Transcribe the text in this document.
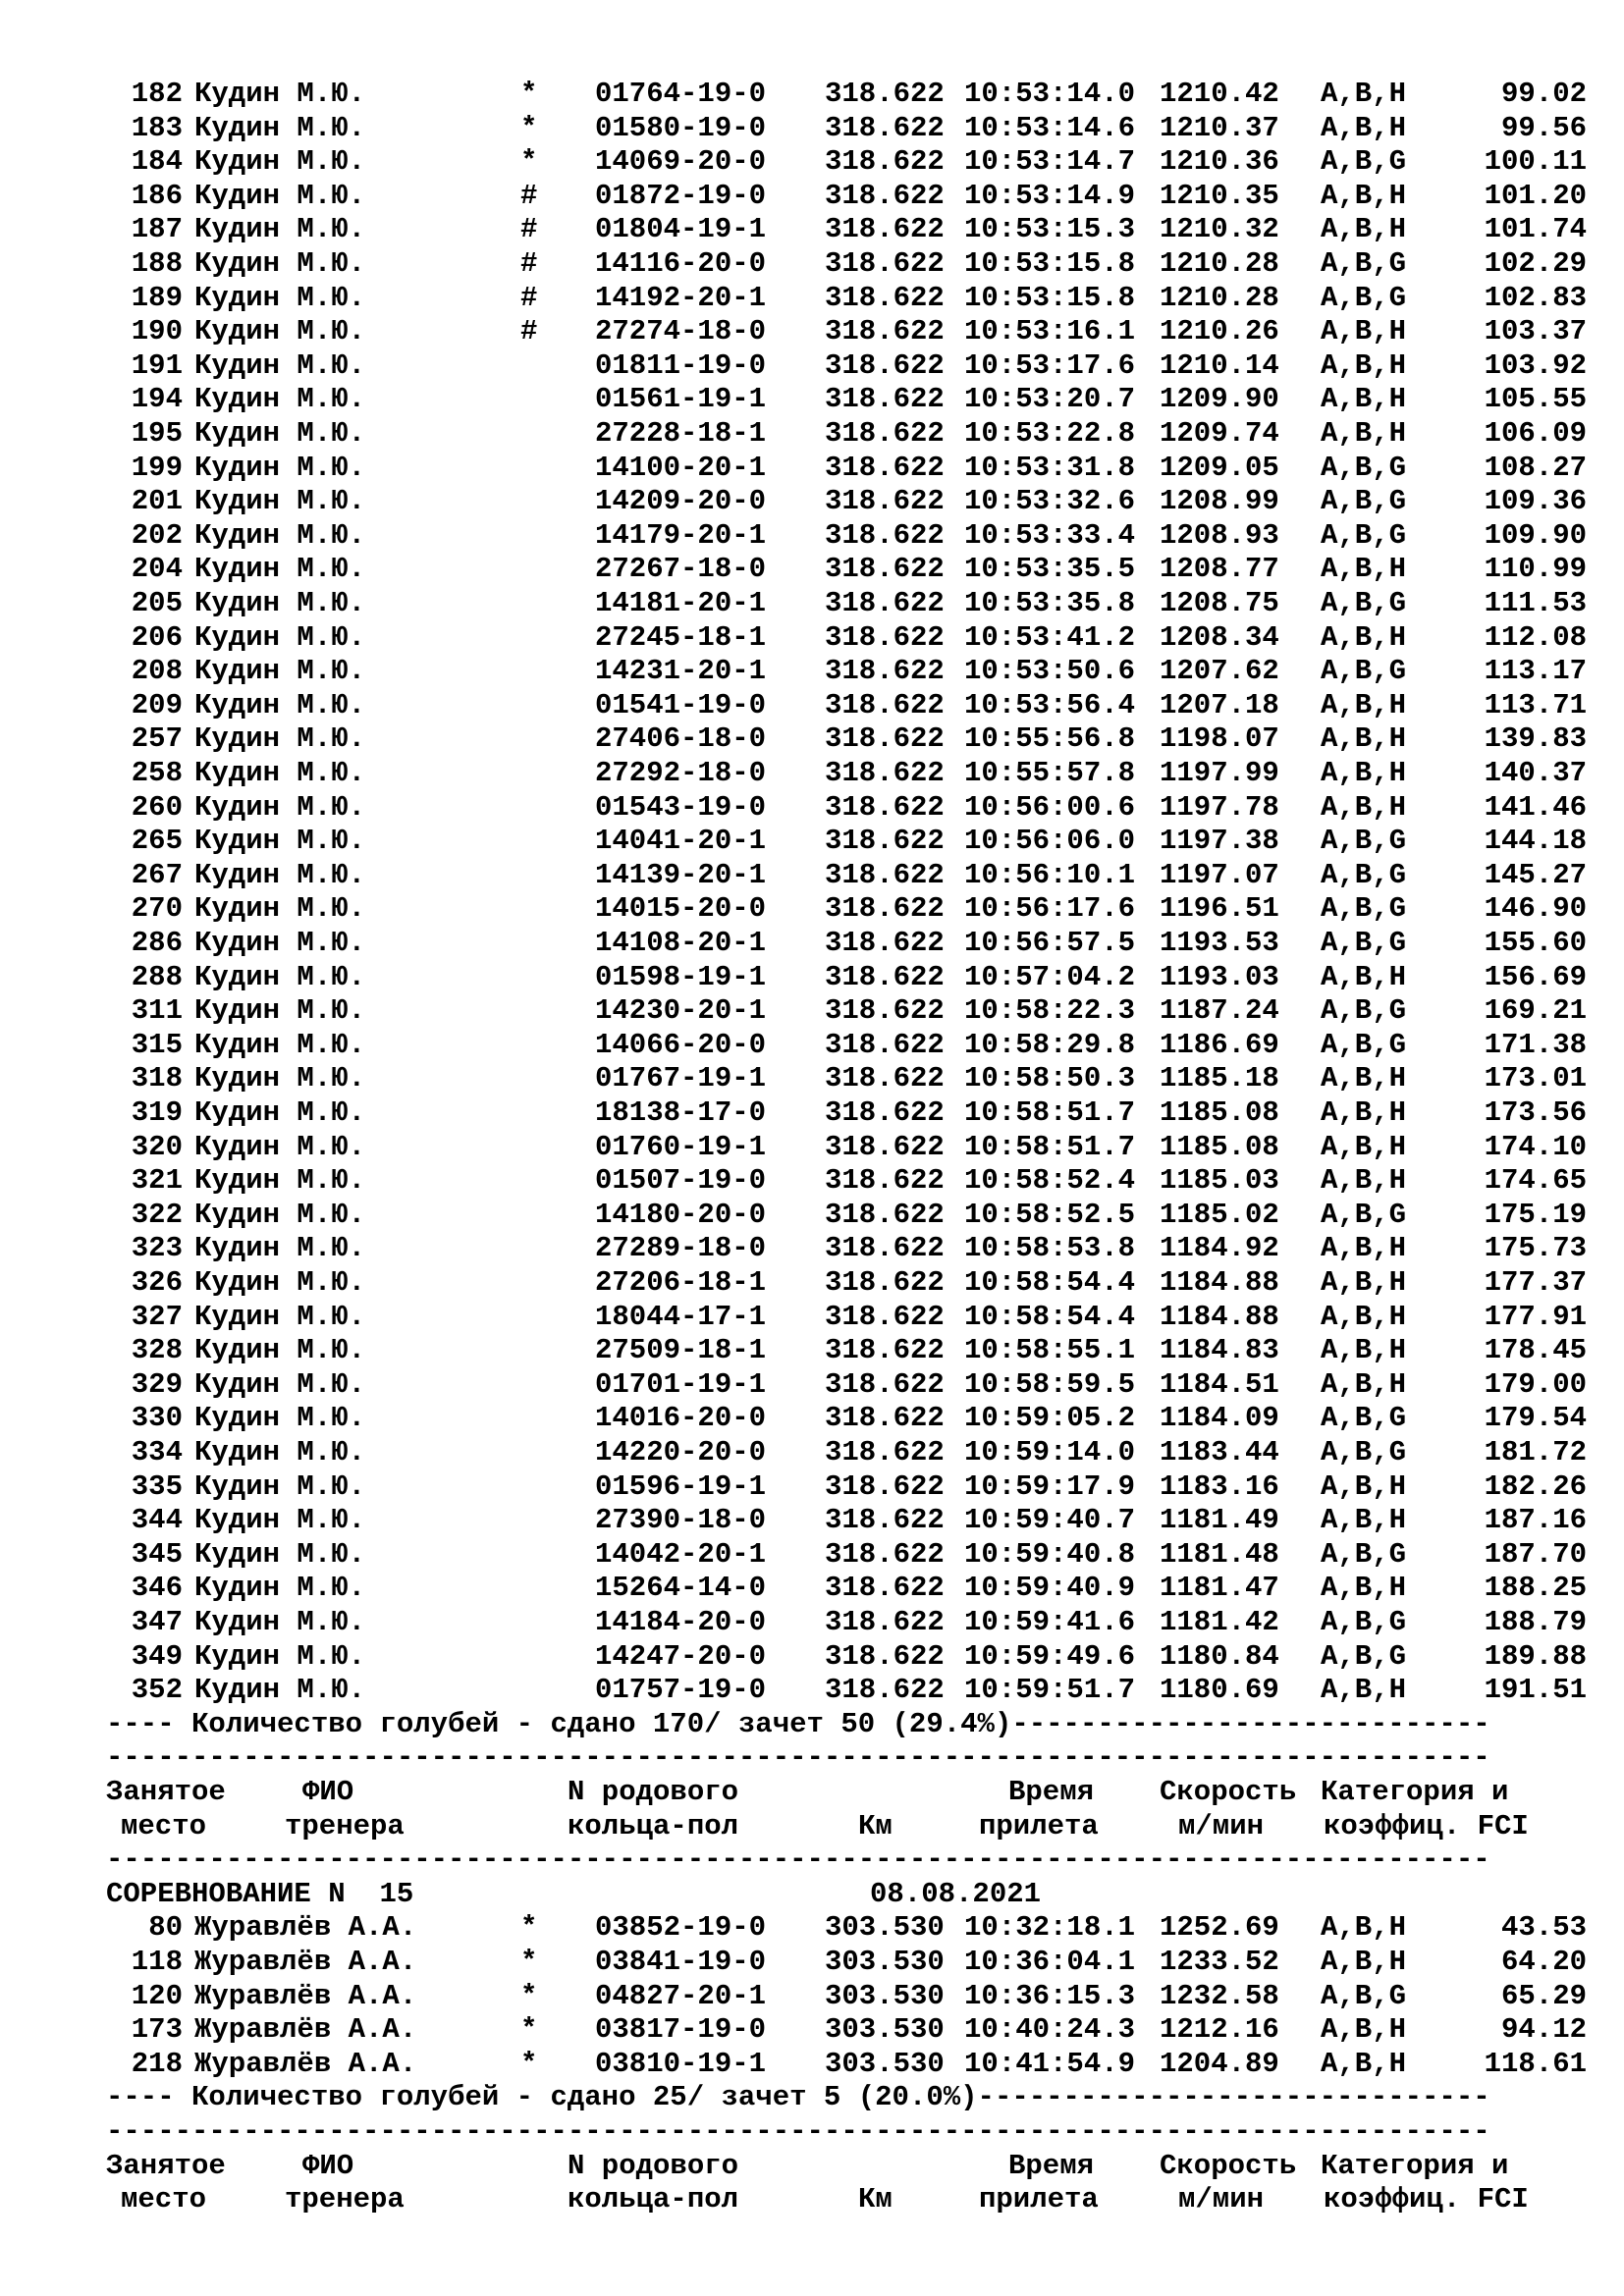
182 Кудин М.Ю.	* 01764-19-0 318.622 10:53:14.0 1210.42 A,B,H	99.02
183 Кудин М.Ю.	* 01580-19-0 318.622 10:53:14.6 1210.37 A,B,H	99.56
184 Кудин М.Ю.	* 14069-20-0 318.622 10:53:14.7 1210.36 A,B,G	100.11
186 Кудин М.Ю.	# 01872-19-0 318.622 10:53:14.9 1210.35 A,B,H	101.20
187 Кудин М.Ю.	# 01804-19-1 318.622 10:53:15.3 1210.32 A,B,H	101.74
188 Кудин М.Ю.	# 14116-20-0 318.622 10:53:15.8 1210.28 A,B,G	102.29
189 Кудин М.Ю.	# 14192-20-1 318.622 10:53:15.8 1210.28 A,B,G	102.83
190 Кудин М.Ю.	# 27274-18-0 318.622 10:53:16.1 1210.26 A,B,H	103.37
191 Кудин М.Ю.	01811-19-0 318.622 10:53:17.6 1210.14 A,B,H	103.92
194 Кудин М.Ю.	01561-19-1 318.622 10:53:20.7 1209.90 A,B,H	105.55
195 Кудин М.Ю.	27228-18-1 318.622 10:53:22.8 1209.74 A,B,H	106.09
199 Кудин М.Ю.	14100-20-1 318.622 10:53:31.8 1209.05 A,B,G	108.27
201 Кудин М.Ю.	14209-20-0 318.622 10:53:32.6 1208.99 A,B,G	109.36
202 Кудин М.Ю.	14179-20-1 318.622 10:53:33.4 1208.93 A,B,G	109.90
204 Кудин М.Ю.	27267-18-0 318.622 10:53:35.5 1208.77 A,B,H	110.99
205 Кудин М.Ю.	14181-20-1 318.622 10:53:35.8 1208.75 A,B,G	111.53
206 Кудин М.Ю.	27245-18-1 318.622 10:53:41.2 1208.34 A,B,H	112.08
208 Кудин М.Ю.	14231-20-1 318.622 10:53:50.6 1207.62 A,B,G	113.17
209 Кудин М.Ю.	01541-19-0 318.622 10:53:56.4 1207.18 A,B,H	113.71
257 Кудин М.Ю.	27406-18-0 318.622 10:55:56.8 1198.07 A,B,H	139.83
258 Кудин М.Ю.	27292-18-0 318.622 10:55:57.8 1197.99 A,B,H	140.37
260 Кудин М.Ю.	01543-19-0 318.622 10:56:00.6 1197.78 A,B,H	141.46
265 Кудин М.Ю.	14041-20-1 318.622 10:56:06.0 1197.38 A,B,G	144.18
267 Кудин М.Ю.	14139-20-1 318.622 10:56:10.1 1197.07 A,B,G	145.27
270 Кудин М.Ю.	14015-20-0 318.622 10:56:17.6 1196.51 A,B,G	146.90
286 Кудин М.Ю.	14108-20-1 318.622 10:56:57.5 1193.53 A,B,G	155.60
288 Кудин М.Ю.	01598-19-1 318.622 10:57:04.2 1193.03 A,B,H	156.69
311 Кудин М.Ю.	14230-20-1 318.622 10:58:22.3 1187.24 A,B,G	169.21
315 Кудин М.Ю.	14066-20-0 318.622 10:58:29.8 1186.69 A,B,G	171.38
318 Кудин М.Ю.	01767-19-1 318.622 10:58:50.3 1185.18 A,B,H	173.01
319 Кудин М.Ю.	18138-17-0 318.622 10:58:51.7 1185.08 A,B,H	173.56
320 Кудин М.Ю.	01760-19-1 318.622 10:58:51.7 1185.08 A,B,H	174.10
321 Кудин М.Ю.	01507-19-0 318.622 10:58:52.4 1185.03 A,B,H	174.65
322 Кудин М.Ю.	14180-20-0 318.622 10:58:52.5 1185.02 A,B,G	175.19
323 Кудин М.Ю.	27289-18-0 318.622 10:58:53.8 1184.92 A,B,H	175.73
326 Кудин М.Ю.	27206-18-1 318.622 10:58:54.4 1184.88 A,B,H	177.37
327 Кудин М.Ю.	18044-17-1 318.622 10:58:54.4 1184.88 A,B,H	177.91
328 Кудин М.Ю.	27509-18-1 318.622 10:58:55.1 1184.83 A,B,H	178.45
329 Кудин М.Ю.	01701-19-1 318.622 10:58:59.5 1184.51 A,B,H	179.00
330 Кудин М.Ю.	14016-20-0 318.622 10:59:05.2 1184.09 A,B,G	179.54
334 Кудин М.Ю.	14220-20-0 318.622 10:59:14.0 1183.44 A,B,G	181.72
335 Кудин М.Ю.	01596-19-1 318.622 10:59:17.9 1183.16 A,B,H	182.26
344 Кудин М.Ю.	27390-18-0 318.622 10:59:40.7 1181.49 A,B,H	187.16
345 Кудин М.Ю.	14042-20-1 318.622 10:59:40.8 1181.48 A,B,G	187.70
346 Кудин М.Ю.	15264-14-0 318.622 10:59:40.9 1181.47 A,B,H	188.25
347 Кудин М.Ю.	14184-20-0 318.622 10:59:41.6 1181.42 A,B,G	188.79
349 Кудин М.Ю.	14247-20-0 318.622 10:59:49.6 1180.84 A,B,G	189.88
352 Кудин М.Ю.	01757-19-0 318.622 10:59:51.7 1180.69 A,B,H	191.51
---- Количество голубей - сдано 170/ зачет 50 (29.4%)----------------------------
---------------------------------------------------------------------------------
Занятое	ФИО	N родового	Время Скорость Категория и
место	тренера	кольца-пол	Км	прилета	м/мин коэффиц. FCI
---------------------------------------------------------------------------------
СОРЕВНОВАНИЕ N  15	08.08.2021
80 Журавлёв А.А.	* 03852-19-0 303.530 10:32:18.1 1252.69 A,B,H	43.53
118 Журавлёв А.А.	* 03841-19-0 303.530 10:36:04.1 1233.52 A,B,H	64.20
120 Журавлёв А.А.	* 04827-20-1 303.530 10:36:15.3 1232.58 A,B,G	65.29
173 Журавлёв А.А.	* 03817-19-0 303.530 10:40:24.3 1212.16 A,B,H	94.12
218 Журавлёв А.А.	* 03810-19-1 303.530 10:41:54.9 1204.89 A,B,H	118.61
---- Количество голубей - сдано 25/ зачет 5 (20.0%)------------------------------
---------------------------------------------------------------------------------
Занятое	ФИО	N родового	Время Скорость Категория и
место	тренера	кольца-пол	Км	прилета	м/мин коэффиц. FCI
